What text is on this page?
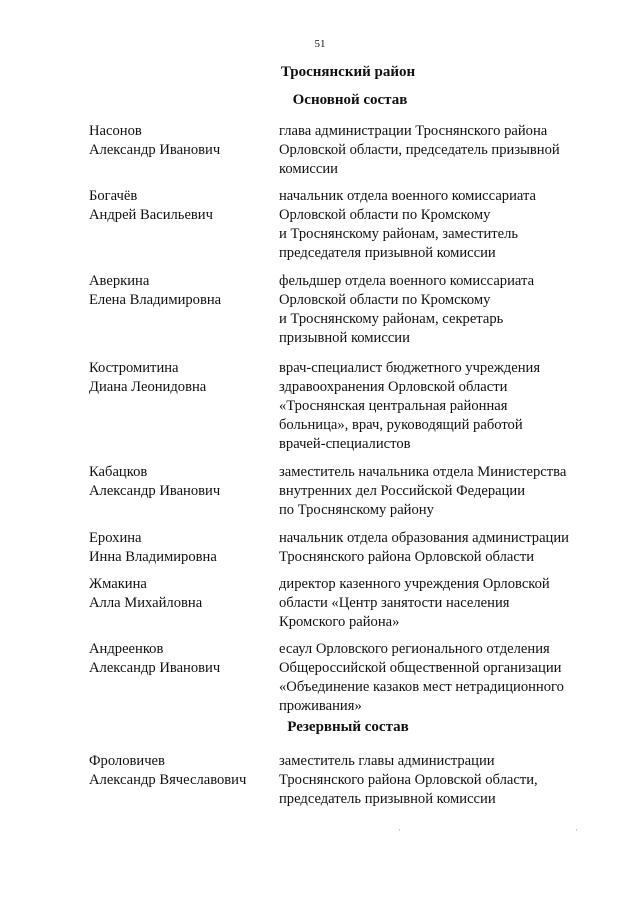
51
Троснянский район
Основной состав
Насонов
Александр Иванович
глава администрации Троснянского района
Орловской области, председатель призывной
комиссии
Богачёв
Андрей Васильевич
начальник отдела военного комиссариата
Орловской области по Кромскому
и Троснянскому районам, заместитель
председателя призывной комиссии
Аверкина
Елена Владимировна
фельдшер отдела военного комиссариата
Орловской области по Кромскому
и Троснянскому районам, секретарь
призывной комиссии
Костромитина
Диана Леонидовна
врач-специалист бюджетного учреждения
здравоохранения Орловской области
«Троснянская центральная районная
больница», врач, руководящий работой
врачей-специалистов
Кабацков
Александр Иванович
заместитель начальника отдела Министерства
внутренних дел Российской Федерации
по Троснянскому району
Ерохина
Инна Владимировна
начальник отдела образования администрации
Троснянского района Орловской области
Жмакина
Алла Михайловна
директор казенного учреждения Орловской
области «Центр занятости населения
Кромского района»
Андреенков
Александр Иванович
есаул Орловского регионального отделения
Общероссийской общественной организации
«Объединение казаков мест нетрадиционного
проживания»
Резервный состав
Фроловичев
Александр Вячеславович
заместитель главы администрации
Троснянского района Орловской области,
председатель призывной комиссии
·	·
